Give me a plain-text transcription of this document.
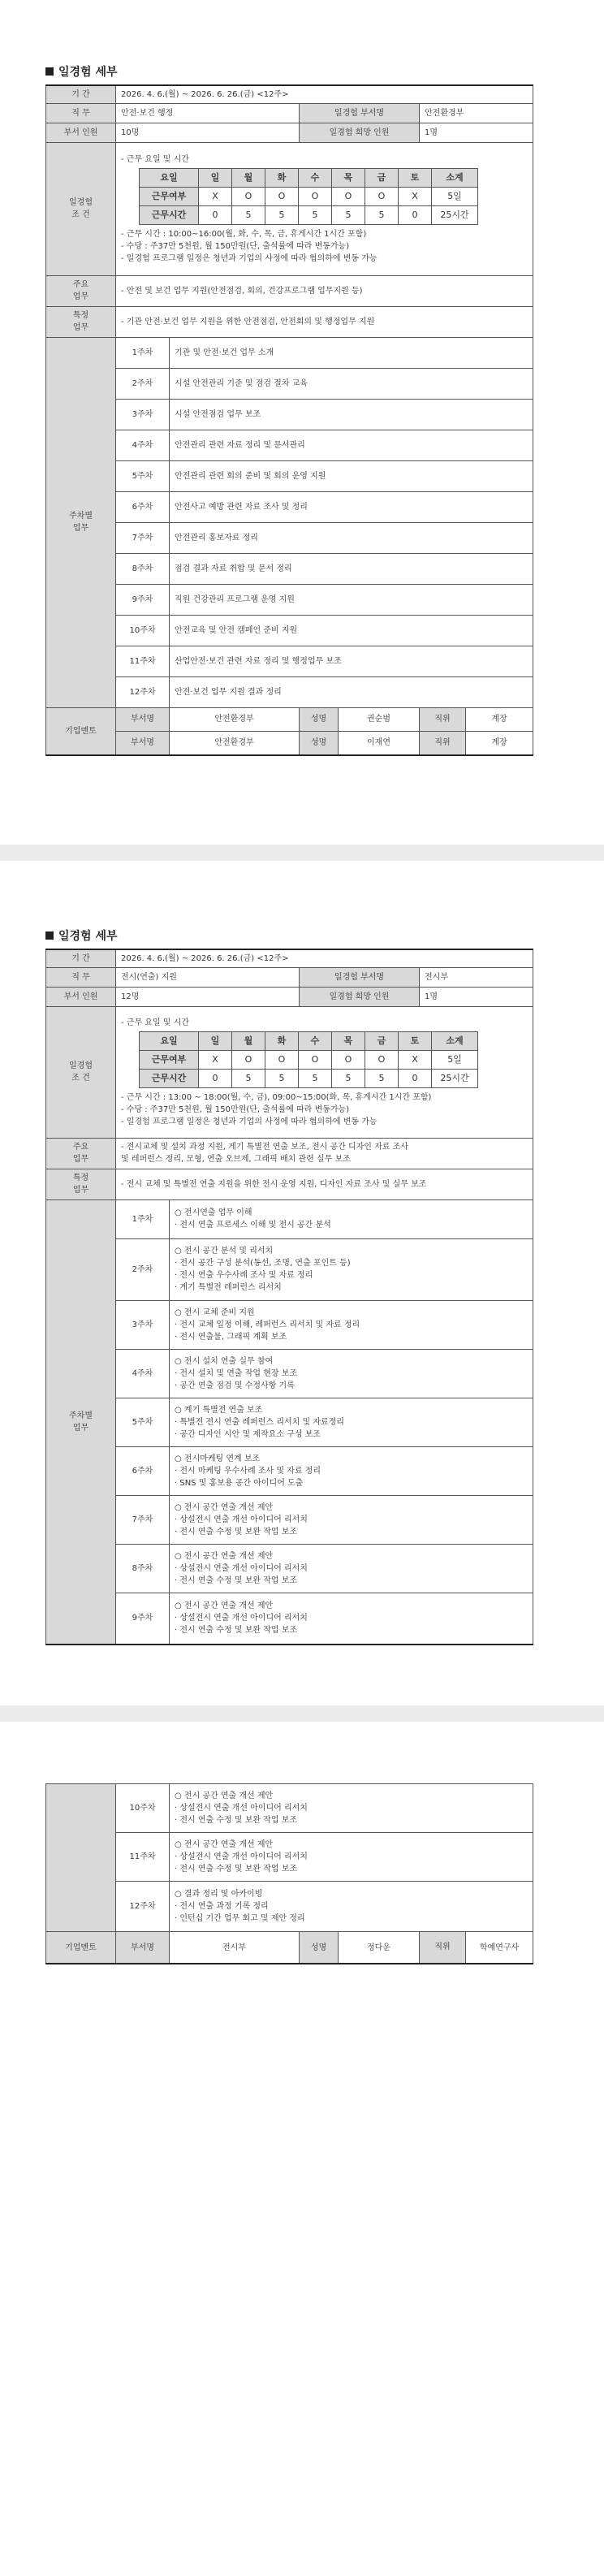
일경험 세부
기 간	2026. 4. 6.(월) ~ 2026. 6. 26.(금) <12주>
직 무	안전·보건 행정	일경험 부서명	안전환경부
부서 인원	10명	일경험 희망 인원	1명
일경험
조 건	
- 근무 요일 및 시간
요일	일	월	화	수	목	금	토	소계
근무여부	X	O	O	O	O	O	X	5일
근무시간	0	5	5	5	5	5	0	25시간
- 근무 시간 : 10:00~16:00(월, 화, 수, 목, 금, 휴게시간 1시간 포함)
- 수당 : 주37만 5천원, 월 150만원(단, 출석률에 따라 변동가능)
- 일경험 프로그램 일정은 청년과 기업의 사정에 따라 협의하에 변동 가능

주요
업무	- 안전 및 보건 업무 지원(안전점검, 회의, 건강프로그램 업무지원 등)
특정
업무	- 기관 안전·보건 업무 지원을 위한 안전점검, 안전회의 및 행정업무 지원
주차별
업무	1주차	기관 및 안전·보건 업무 소개
2주차	시설 안전관리 기준 및 점검 절차 교육
3주차	시설 안전점검 업무 보조
4주차	안전관리 관련 자료 정리 및 문서관리
5주차	안전관리 관련 회의 준비 및 회의 운영 지원
6주차	안전사고 예방 관련 자료 조사 및 정리
7주차	안전관리 홍보자료 정리
8주차	점검 결과 자료 취합 및 문서 정리
9주차	직원 건강관리 프로그램 운영 지원
10주차	안전교육 및 안전 캠페인 준비 지원
11주차	산업안전·보건 관련 자료 정리 및 행정업무 보조
12주차	안전·보건 업무 지원 결과 정리
기업멘토	부서명	안전환경부	성명	권순범	직위	계장

부서명	안전환경부	성명	이재연	직위	계장
일경험 세부
기 간	2026. 4. 6.(월) ~ 2026. 6. 26.(금) <12주>
직 무	전시(연출) 지원	일경험 부서명	전시부
부서 인원	12명	일경험 희망 인원	1명
일경험
조 건	
- 근무 요일 및 시간
요일	일	월	화	수	목	금	토	소계
근무여부	X	O	O	O	O	O	X	5일
근무시간	0	5	5	5	5	5	0	25시간
- 근무 시간 : 13:00 ~ 18:00(월, 수, 금), 09:00~15:00(화, 목, 휴게시간 1시간 포함)
- 수당 : 주37만 5천원, 월 150만원(단, 출석률에 따라 변동가능)
- 일경험 프로그램 일정은 청년과 기업의 사정에 따라 협의하에 변동 가능

주요
업무	
- 전시교체 및 설치 과정 지원, 게기 특별전 연출 보조, 전시 공간 디자인 자료 조사
및 레퍼런스 정리, 모형, 연출 오브제, 그래픽 배치 관련 실무 보조

특정
업무	- 전시 교체 및 특별전 연출 지원을 위한 전시 운영 지원, 디자인 자료 조사 및 실무 보조
주차별
업무	1주차	
○ 전시연출 업무 이해
· 전시 연출 프로세스 이해 및 전시 공간 분석

2주차	
○ 전시 공간 분석 및 리서치
· 전시 공간 구성 분석(동선, 조명, 연출 포인트 등)
· 전시 연출 우수사례 조사 및 자료 정리
· 계기 특별전 레퍼런스 리서치

3주차	
○ 전시 교체 준비 지원
· 전시 교체 일정 이해, 레퍼런스 리서치 및 자료 정리
· 전시 연출물, 그래픽 계획 보조

4주차	
○ 전시 설치 연출 실무 참여
· 전시 설치 및 연출 작업 현장 보조
· 공간 연출 점검 및 수정사항 기록

5주차	
○ 계기 특별전 연출 보조
· 특별전 전시 연출 레퍼런스 리서치 및 자료정리
· 공간 디자인 시안 및 제작요소 구성 보조

6주차	
○ 전시마케팅 연계 보조
· 전시 마케팅 우수사례 조사 및 자료 정리
· SNS 및 홍보용 공간 아이디어 도출

7주차	
○ 전시 공간 연출 개선 제안
· 상설전시 연출 개선 아이디어 리서치
· 전시 연출 수정 및 보완 작업 보조

8주차	
○ 전시 공간 연출 개선 제안
· 상설전시 연출 개선 아이디어 리서치
· 전시 연출 수정 및 보완 작업 보조

9주차	
○ 전시 공간 연출 개선 제안
· 상설전시 연출 개선 아이디어 리서치
· 전시 연출 수정 및 보완 작업 보조
	10주차	○ 전시 공간 연출 개선 제안
· 상설전시 연출 개선 아이디어 리서치
· 전시 연출 수정 및 보완 작업 보조			

	11주차	○ 전시 공간 연출 개선 제안
· 상설전시 연출 개선 아이디어 리서치
· 전시 연출 수정 및 보완 작업 보조			

	12주차	○ 결과 정리 및 아카이빙
· 전시 연출 과정 기록 정리
· 인턴십 기간 업무 회고 및 제안 정리			

기업멘토	부서명	전시부	성명	정다운	직위 학예연구사
